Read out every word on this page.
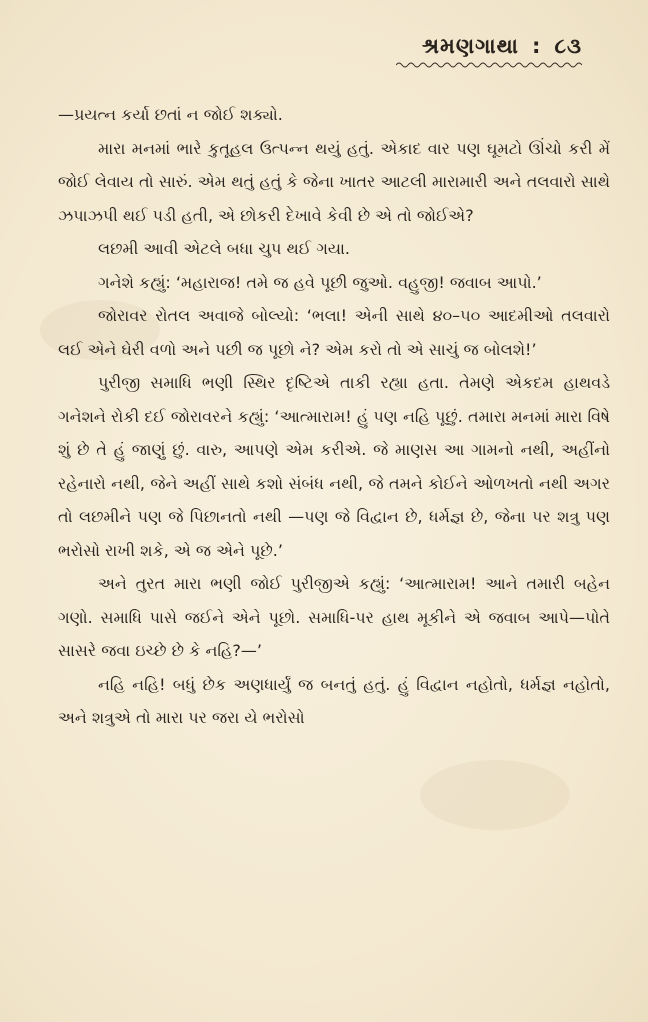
શ્રમણગાથા : ૮૩

—પ્રયત્ન કર્યા છતાં ન જોઈ શક્યો.

મારા મનમાં ભારે કુતૂહલ ઉત્પન્ન થયું હતું. એકાદ વાર પણ ઘૂમટો ઊંચો કરી મેં જોઈ લેવાય તો સારું. એમ થતું હતું કે જેના ખાતર આટલી મારામારી અને તલવારો સાથે ઝપાઝપી થઈ પડી હતી, એ છોકરી દેખાવે કેવી છે એ તો જોઈએ?

લછમી આવી એટલે બધા ચુપ થઈ ગયા.

ગનેશે કહ્યું: ‘મહારાજ! તમે જ હવે પૂછી જુઓ. વહુજી! જવાબ આપો.’

જોરાવર રોતલ અવાજે બોલ્યો: ‘ભલા! એની સાથે ૪૦–૫૦ આદમીઓ તલવારો લઈ એને ઘેરી વળો અને પછી જ પૂછો ને? એમ કરો તો એ સાચું જ બોલશે!’

પુરીજી સમાધિ ભણી સ્થિર દૃષ્ટિએ તાકી રહ્યા હતા. તેમણે એકદમ હાથવડે ગનેશને રોકી દઈ જોરાવરને કહ્યું: ‘આત્મારામ! હું પણ નહિ પૂછું. તમારા મનમાં મારા વિષે શું છે તે હું જાણું છું. વારુ, આપણે એમ કરીએ. જે માણસ આ ગામનો નથી, અહીંનો રહેનારો નથી, જેને અહીં સાથે કશો સંબંધ નથી, જે તમને કોઈને ઓળખતો નથી અગર તો લછમીને પણ જે પિછાનતો નથી —પણ જે વિદ્વાન છે, ધર્મજ્ઞ છે, જેના પર શત્રુ પણ ભરોસો રાખી શકે, એ જ એને પૂછે.’

અને તુરત મારા ભણી જોઈ પુરીજીએ કહ્યું: ‘આત્મારામ! આને તમારી બહેન ગણો. સમાધિ પાસે જઈને એને પૂછો. સમાધિ-પર હાથ મૂકીને એ જવાબ આપે—પોતે સાસરે જવા ઇચ્છે છે કે નહિ?—’

નહિ નહિ! બધું છેક અણધાર્યું જ બનતું હતું. હું વિદ્વાન નહોતો, ધર્મજ્ઞ નહોતો, અને શત્રુએ તો મારા પર જરા યે ભરોસો
